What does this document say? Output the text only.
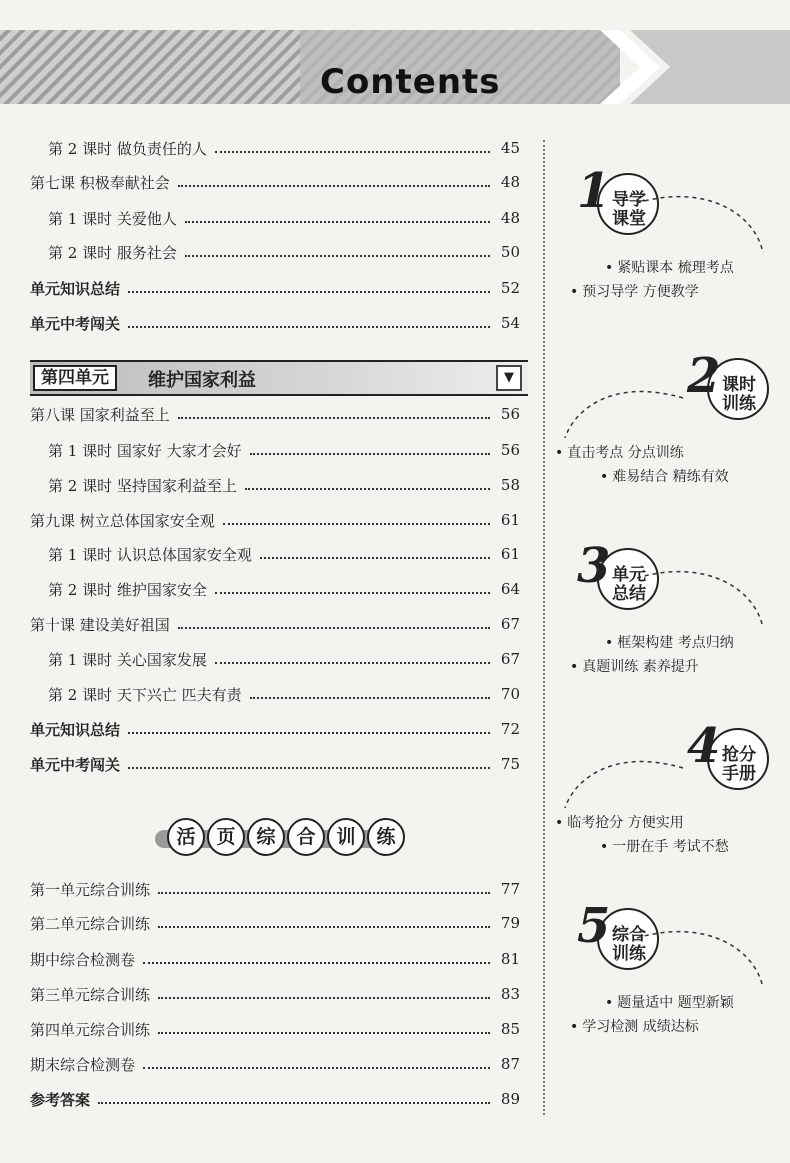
Contents
第 2 课时 做负责任的人	45
第七课 积极奉献社会	48
第 1 课时 关爱他人	48
第 2 课时 服务社会	50
单元知识总结	52
单元中考闯关	54
第四单元	维护国家利益	▼
第八课 国家利益至上	56
第 1 课时 国家好 大家才会好	56
第 2 课时 坚持国家利益至上	58
第九课 树立总体国家安全观	61
第 1 课时 认识总体国家安全观	61
第 2 课时 维护国家安全	64
第十课 建设美好祖国	67
第 1 课时 关心国家发展	67
第 2 课时 天下兴亡 匹夫有责	70
单元知识总结	72
单元中考闯关	75
活	页	综	合	训	练
第一单元综合训练	77
第二单元综合训练	79
期中综合检测卷	81
第三单元综合训练	83
第四单元综合训练	85
期末综合检测卷	87
参考答案	89
1 导学课堂
• 紧贴课本 梳理考点
• 预习导学 方便教学
2 课时训练
• 直击考点 分点训练
• 难易结合 精练有效
3 单元总结
• 框架构建 考点归纳
• 真题训练 素养提升
4 抢分手册
• 临考抢分 方便实用
• 一册在手 考试不愁
5 综合训练
• 题量适中 题型新颖
• 学习检测 成绩达标
